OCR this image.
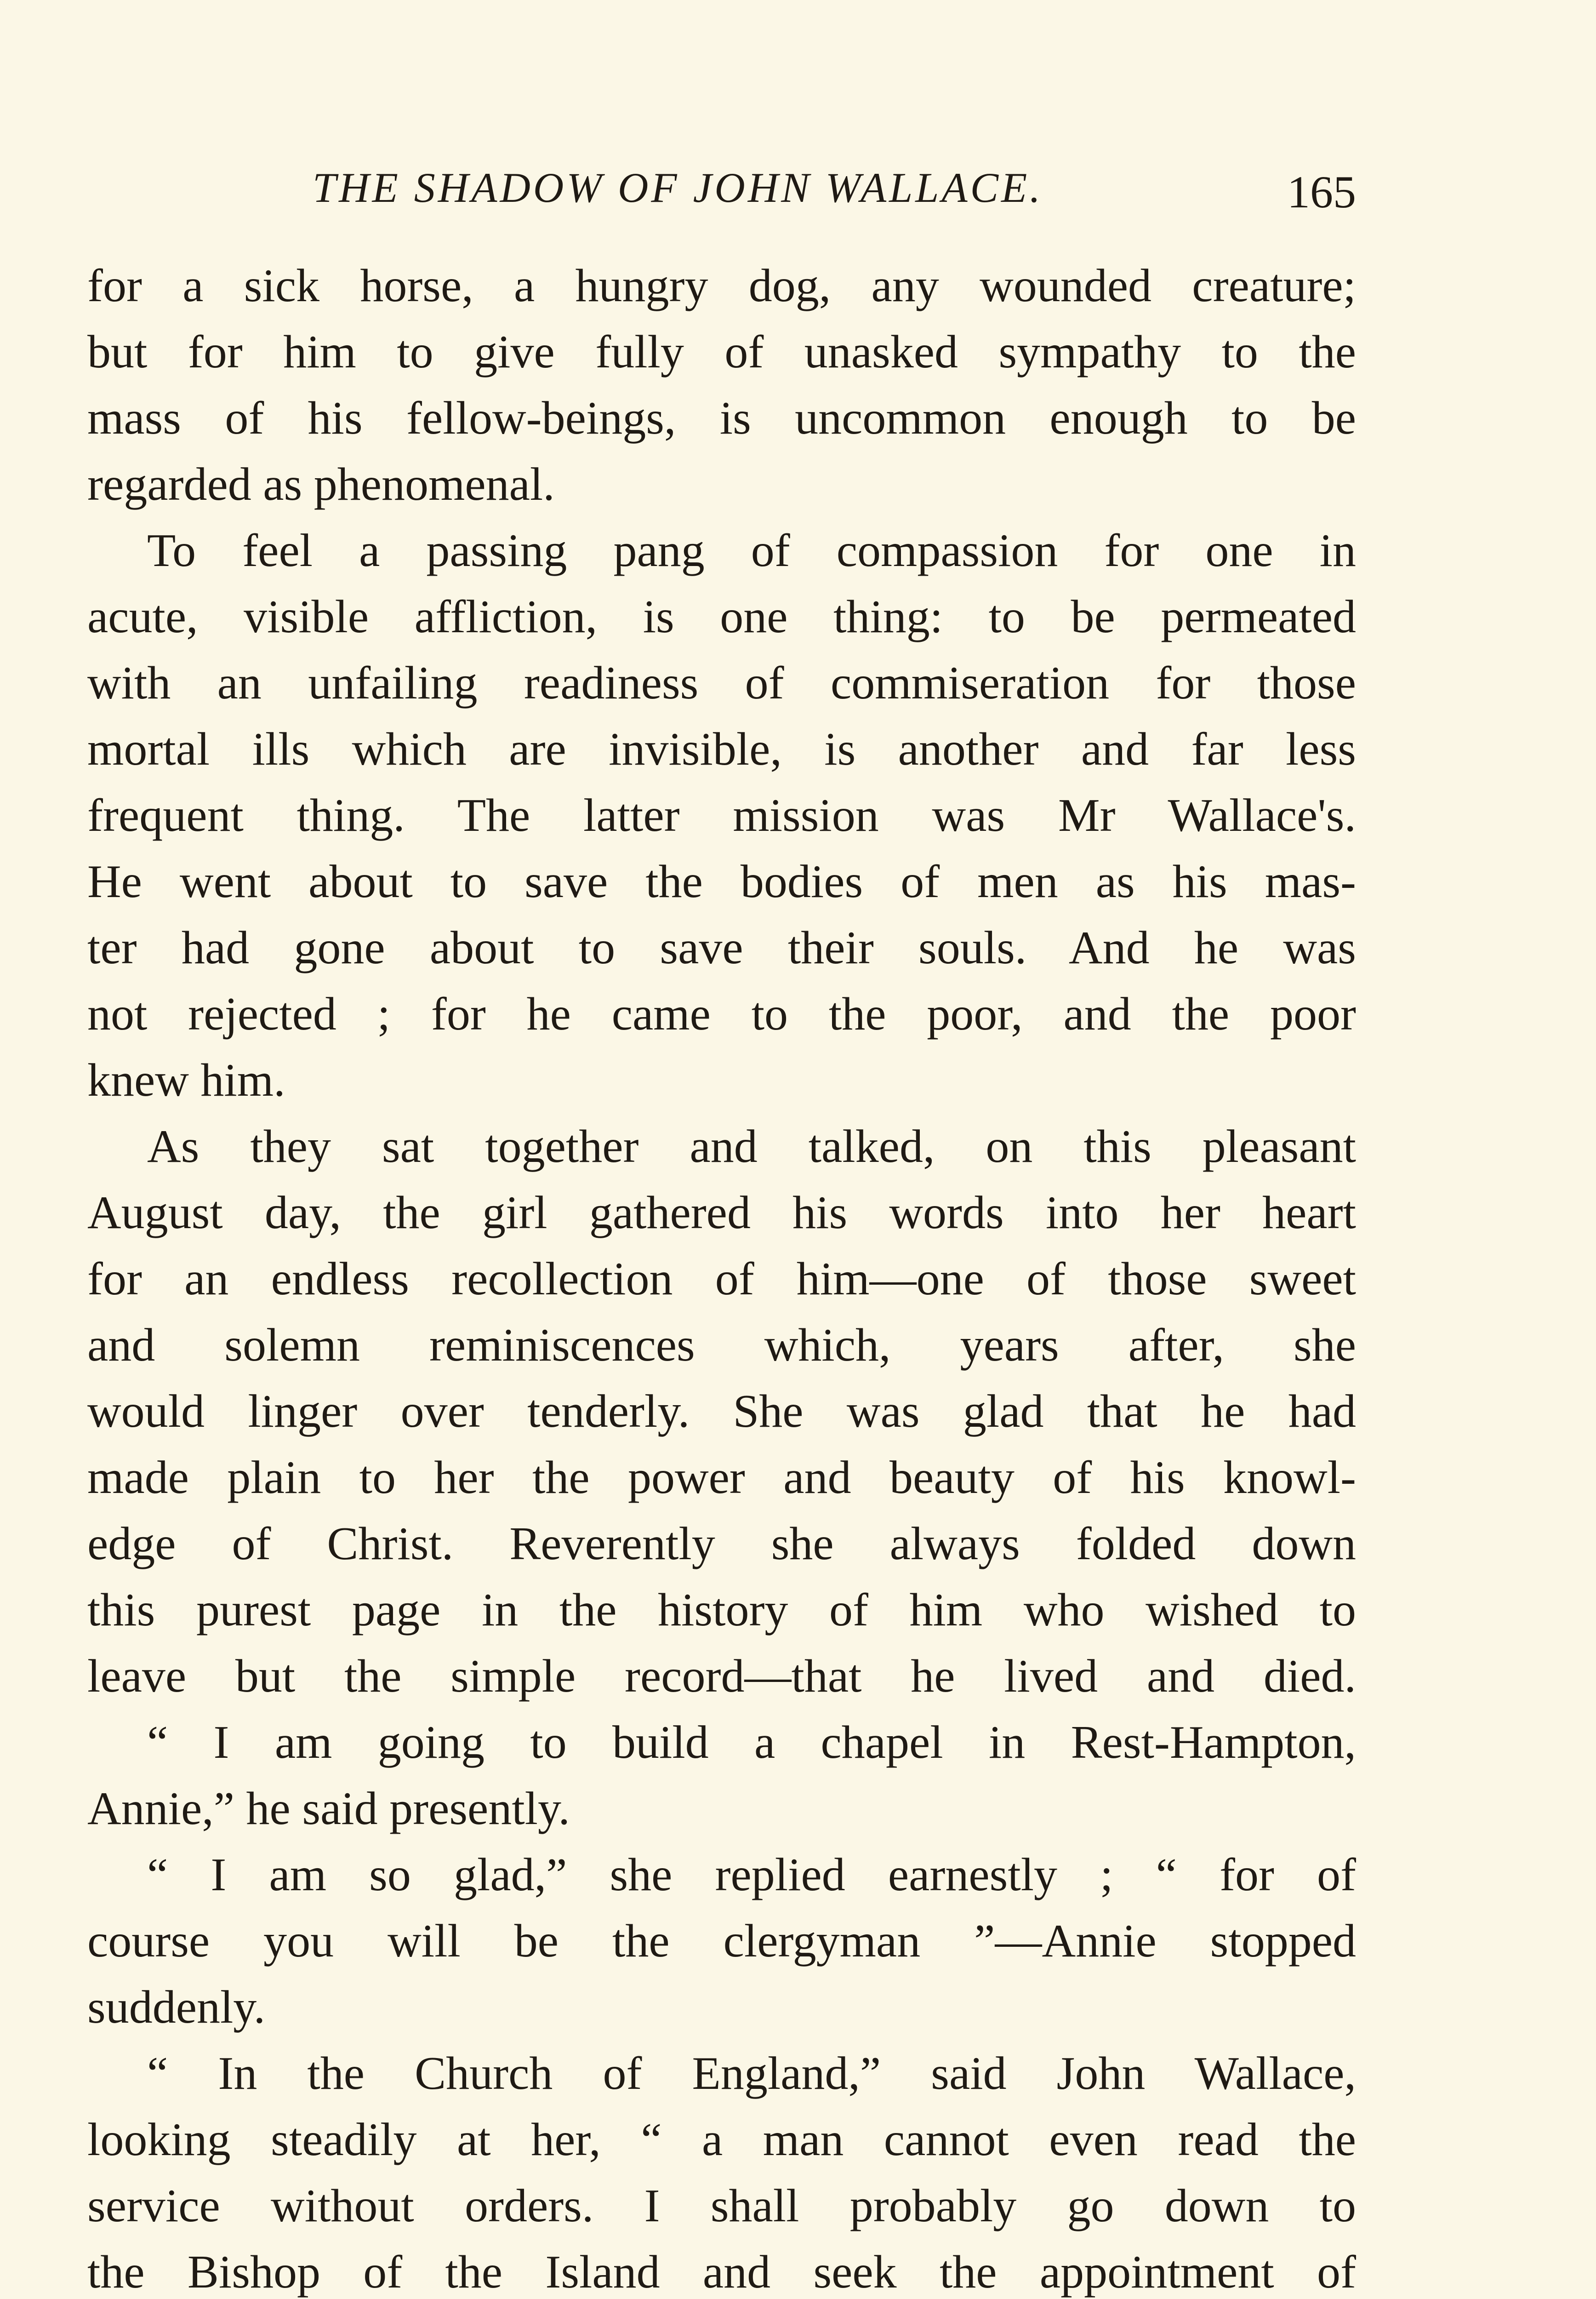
THE SHADOW OF JOHN WALLACE.	165
for a sick horse, a hungry dog, any wounded creature;
but for him to give fully of unasked sympathy to the
mass of his fellow-beings, is uncommon enough to be
regarded as phenomenal.
To feel a passing pang of compassion for one in
acute, visible affliction, is one thing: to be permeated
with an unfailing readiness of commiseration for those
mortal ills which are invisible, is another and far less
frequent thing. The latter mission was Mr Wallace's.
He went about to save the bodies of men as his mas-
ter had gone about to save their souls. And he was
not rejected ; for he came to the poor, and the poor
knew him.
As they sat together and talked, on this pleasant
August day, the girl gathered his words into her heart
for an endless recollection of him—one of those sweet
and solemn reminiscences which, years after, she
would linger over tenderly. She was glad that he had
made plain to her the power and beauty of his knowl-
edge of Christ. Reverently she always folded down
this purest page in the history of him who wished to
leave but the simple record—that he lived and died.
“ I am going to build a chapel in Rest-Hampton,
Annie,” he said presently.
“ I am so glad,” she replied earnestly ; “ for of
course you will be the clergyman ”—Annie stopped
suddenly.
“ In the Church of England,” said John Wallace,
looking steadily at her, “ a man cannot even read the
service without orders. I shall probably go down to
the Bishop of the Island and seek the appointment of
